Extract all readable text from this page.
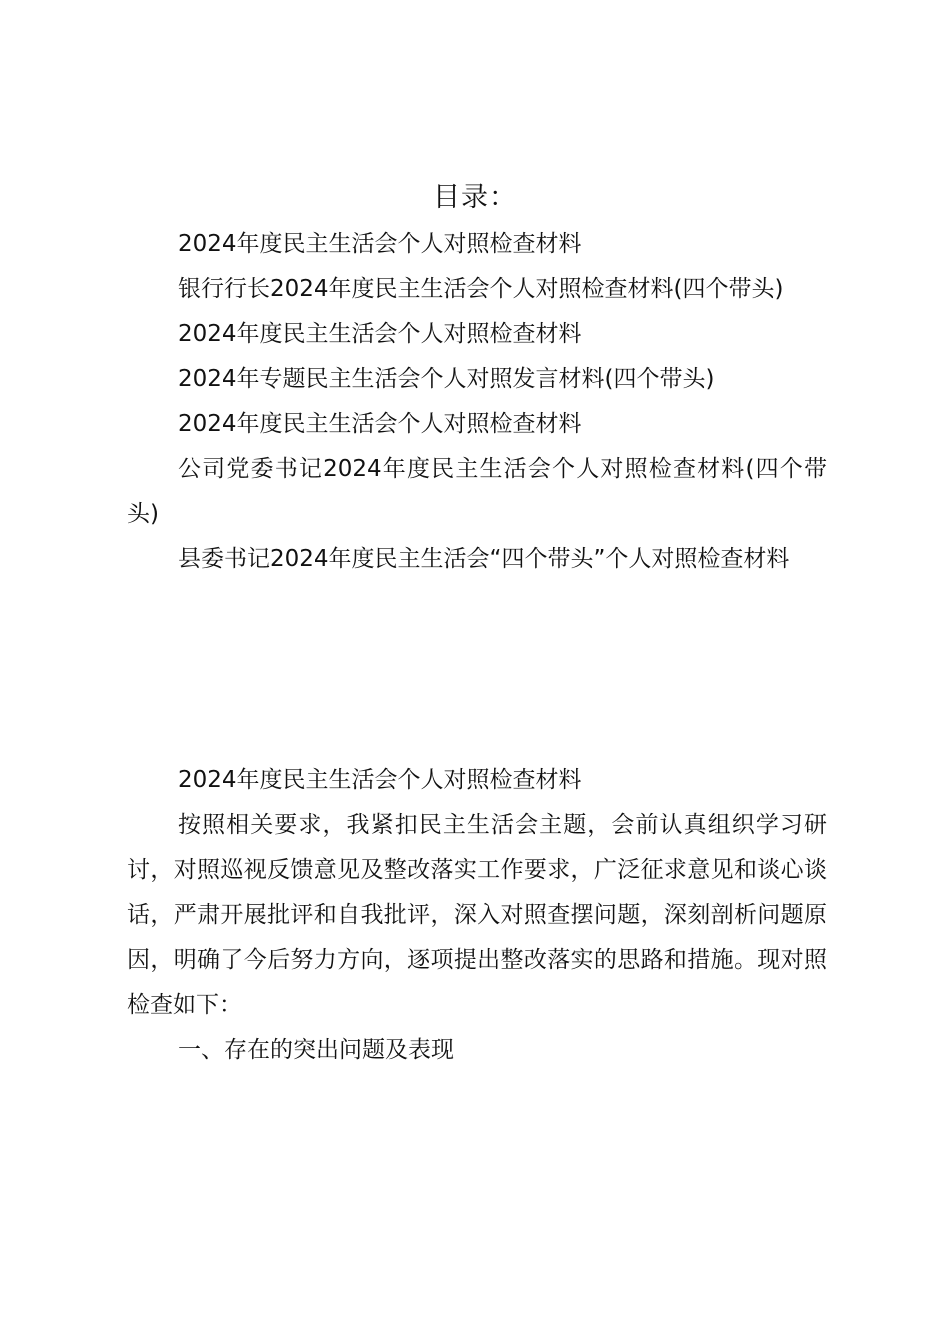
目录：

2024年度民主生活会个人对照检查材料

银行行长2024年度民主生活会个人对照检查材料(四个带头)

2024年度民主生活会个人对照检查材料

2024年专题民主生活会个人对照发言材料(四个带头)

2024年度民主生活会个人对照检查材料

公司党委书记2024年度民主生活会个人对照检查材料(四个带头)

县委书记2024年度民主生活会“四个带头”个人对照检查材料

2024年度民主生活会个人对照检查材料

按照相关要求，我紧扣民主生活会主题，会前认真组织学习研讨，对照巡视反馈意见及整改落实工作要求，广泛征求意见和谈心谈话，严肃开展批评和自我批评，深入对照查摆问题，深刻剖析问题原因，明确了今后努力方向，逐项提出整改落实的思路和措施。现对照检查如下：

一、存在的突出问题及表现
